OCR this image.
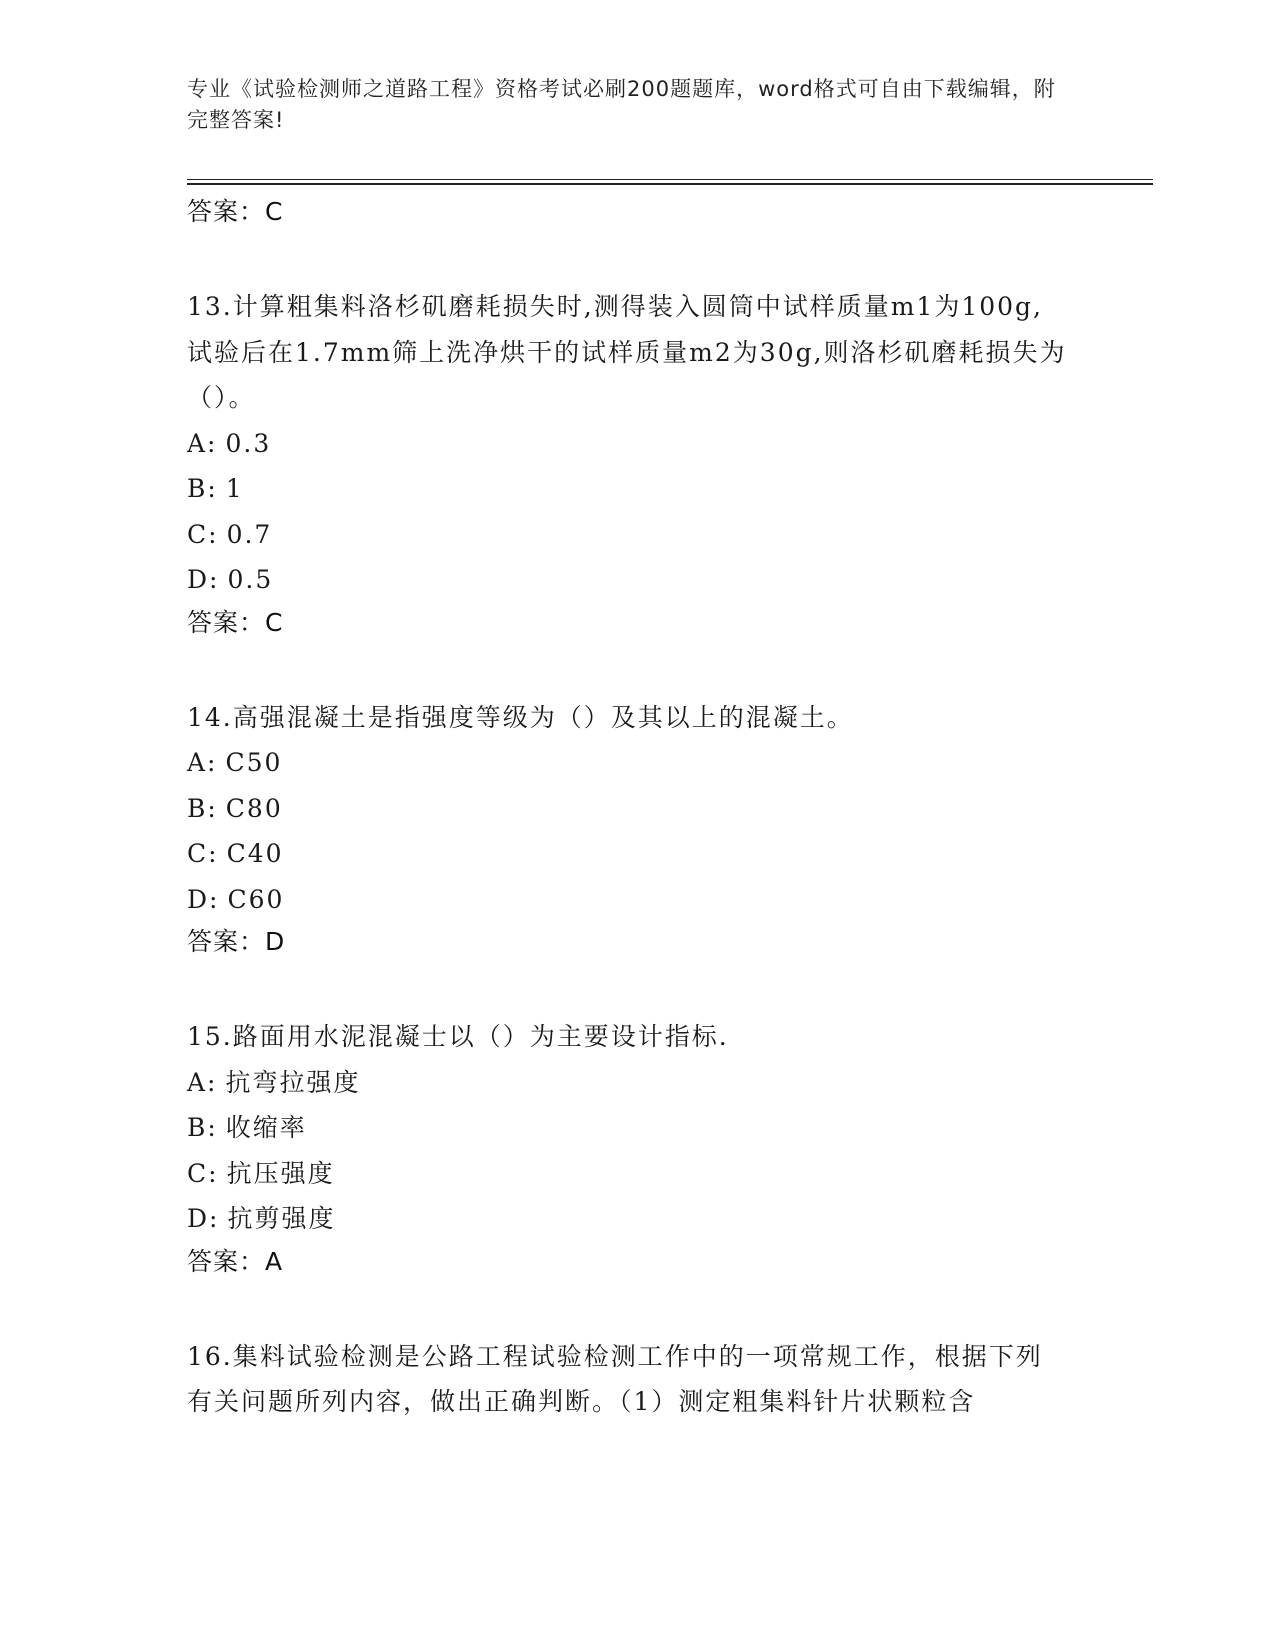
专业《试验检测师之道路工程》资格考试必刷200题题库，word格式可自由下载编辑，附完整答案!
答案：C
13.计算粗集料洛杉矶磨耗损失时,测得装入圆筒中试样质量m1为100g,试验后在1.7mm筛上洗净烘干的试样质量m2为30g,则洛杉矶磨耗损失为（）。
A: 0.3
B: 1
C: 0.7
D: 0.5
答案：C
14.高强混凝土是指强度等级为（）及其以上的混凝土。
A: C50
B: C80
C: C40
D: C60
答案：D
15.路面用水泥混凝士以（）为主要设计指标.
A: 抗弯拉强度
B: 收缩率
C: 抗压强度
D: 抗剪强度
答案：A
16.集料试验检测是公路工程试验检测工作中的一项常规工作，根据下列有关问题所列内容，做出正确判断。（1）测定粗集料针片状颗粒含
